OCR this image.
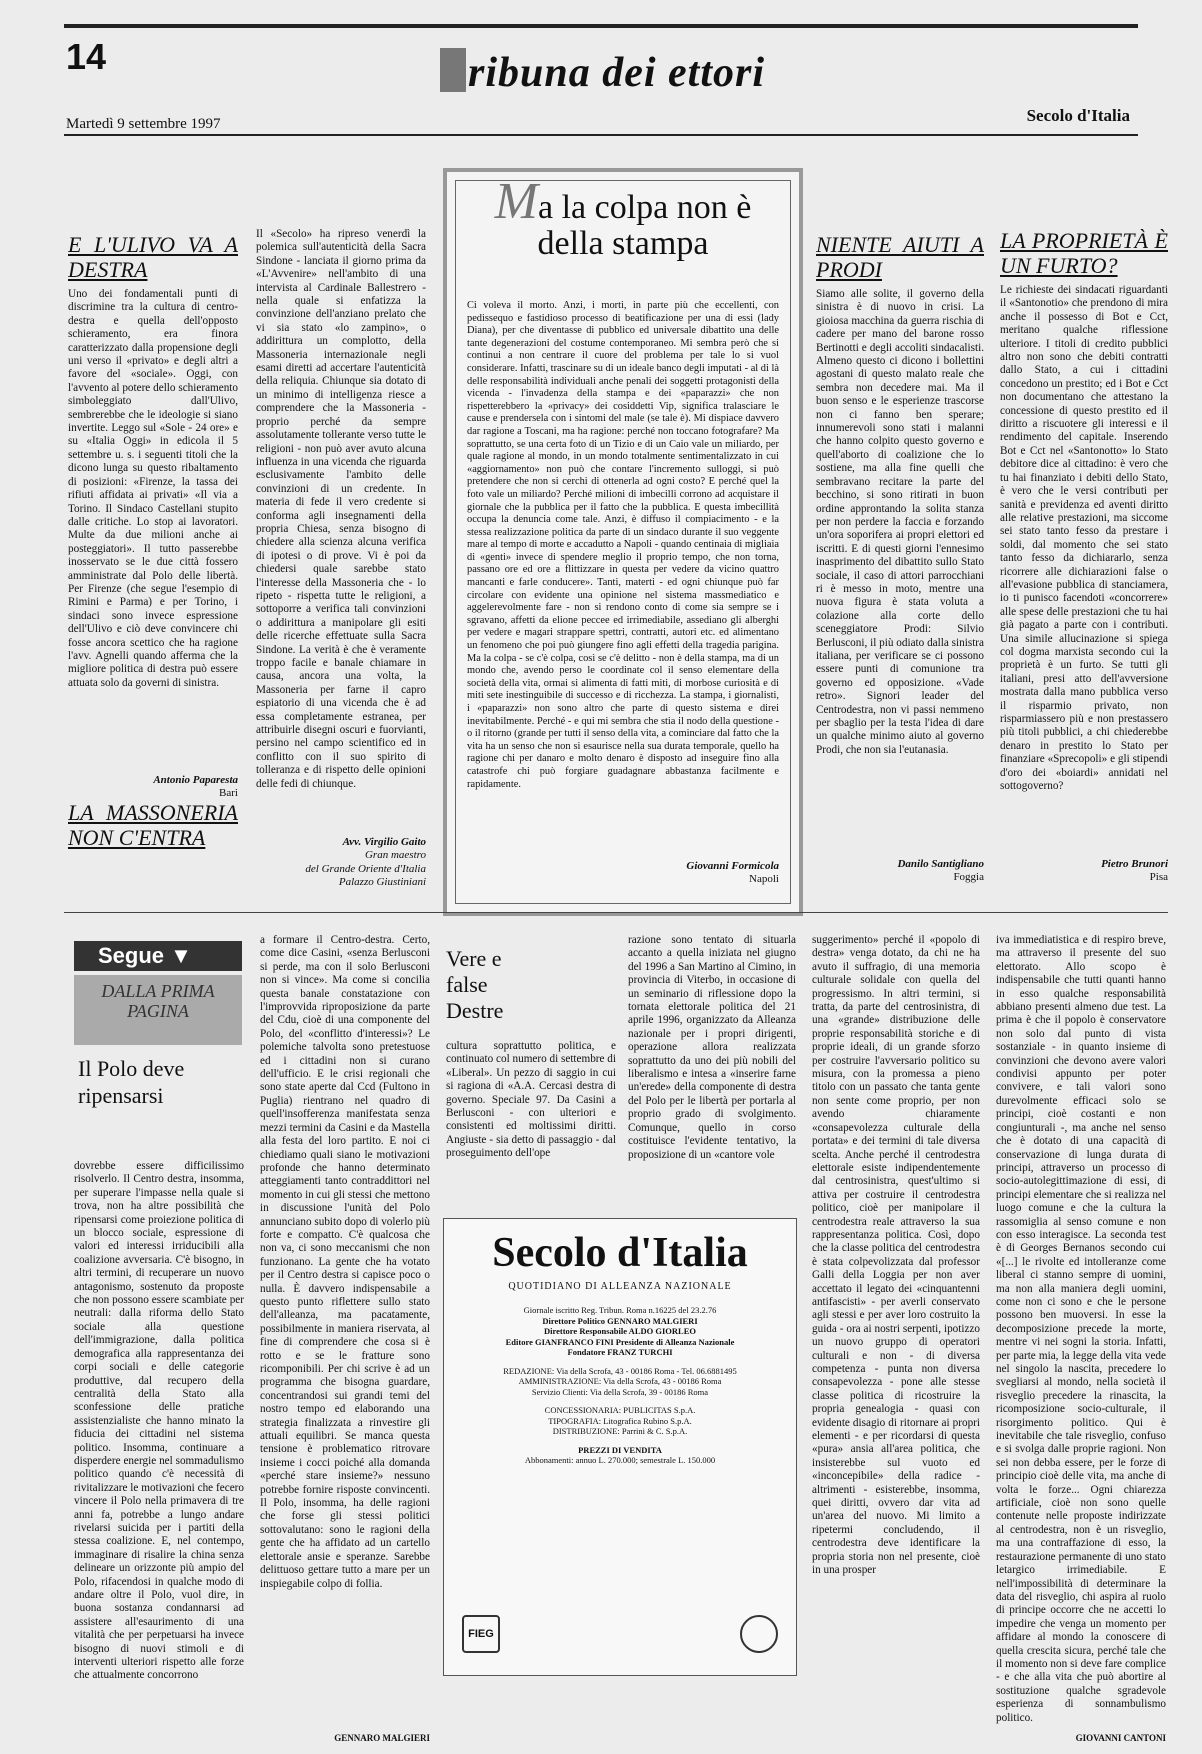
14	ribuna dei ettori
Martedì 9 settembre 1997	Secolo d'Italia
E L'ULIVO VA A DESTRA

Uno dei fondamentali punti di discrimine tra la cultura di centro-destra e quella dell'opposto schieramento, era finora caratterizzato dalla propensione degli uni verso il «privato» e degli altri a favore del «sociale». Oggi, con l'avvento al potere dello schieramento simboleggiato dall'Ulivo, sembrerebbe che le ideologie si siano invertite. Leggo sul «Sole - 24 ore» e su «Italia Oggi» in edicola il 5 settembre u. s. i seguenti titoli che la dicono lunga su questo ribaltamento di posizioni: «Firenze, la tassa dei rifiuti affidata ai privati» «Il via a Torino. Il Sindaco Castellani stupito dalle critiche. Lo stop ai lavoratori. Multe da due milioni anche ai posteggiatori». Il tutto passerebbe inosservato se le due città fossero amministrate dal Polo delle libertà. Per Firenze (che segue l'esempio di Rimini e Parma) e per Torino, i sindaci sono invece espressione dell'Ulivo e ciò deve convincere chi fosse ancora scettico che ha ragione l'avv. Agnelli quando afferma che la migliore politica di destra può essere attuata solo da governi di sinistra.

Antonio Paparesta
Bari
LA MASSONERIA NON C'ENTRA

Il «Secolo» ha ripreso venerdì la polemica sull'autenticità della Sacra Sindone - lanciata il giorno prima da «L'Avvenire» nell'ambito di una intervista al Cardinale Ballestrero - nella quale si enfatizza la convinzione dell'anziano prelato che vi sia stato «lo zampino», o addirittura un complotto, della Massoneria internazionale negli esami diretti ad accertare l'autenticità della reliquia. Chiunque sia dotato di un minimo di intelligenza riesce a comprendere che la Massoneria - proprio perché da sempre assolutamente tollerante verso tutte le religioni - non può aver avuto alcuna influenza in una vicenda che riguarda esclusivamente l'ambito delle convinzioni di un credente. In materia di fede il vero credente si conforma agli insegnamenti della propria Chiesa, senza bisogno di chiedere alla scienza alcuna verifica di ipotesi o di prove. Vi è poi da chiedersi quale sarebbe stato l'interesse della Massoneria che - lo ripeto - rispetta tutte le religioni, a sottoporre a verifica tali convinzioni o addirittura a manipolare gli esiti delle ricerche effettuate sulla Sacra Sindone. La verità è che è veramente troppo facile e banale chiamare in causa, ancora una volta, la Massoneria per farne il capro espiatorio di una vicenda che è ad essa completamente estranea, per attribuirle disegni oscuri e fuorvianti, persino nel campo scientifico ed in conflitto con il suo spirito di tolleranza e di rispetto delle opinioni delle fedi di chiunque.

Avv. Virgilio Gaito
Gran maestro
del Grande Oriente d'Italia
Palazzo Giustiniani
Ma la colpa non è della stampa
Ci voleva il morto. Anzi, i morti, in parte più che eccellenti, con pedissequo e fastidioso processo di beatificazione per una di essi (lady Diana), per che diventasse di pubblico ed universale dibattito una delle tante degenerazioni del costume contemporaneo. Mi sembra però che si continui a non centrare il cuore del problema per tale lo si vuol considerare. Infatti, trascinare su di un ideale banco degli imputati - al di là delle responsabilità individuali anche penali dei soggetti protagonisti della vicenda - l'invadenza della stampa e dei «paparazzi» che non rispetterebbero la «privacy» dei cosiddetti Vip, significa tralasciare le cause e prendersela con i sintomi del male (se tale è). Mi dispiace davvero dar ragione a Toscani, ma ha ragione: perché non toccano fotografare? Ma soprattutto, se una certa foto di un Tizio e di un Caio vale un miliardo, per quale ragione al mondo, in un mondo totalmente sentimentalizzato in cui «aggiornamento» non può che contare l'incremento sulloggi, si può pretendere che non si cerchi di ottenerla ad ogni costo? E perché quel la foto vale un miliardo? Perché milioni di imbecilli corrono ad acquistare il giornale che la pubblica per il fatto che la pubblica. E questa imbecillità occupa la denuncia come tale. Anzi, è diffuso il compiacimento - e la stessa realizzazione politica da parte di un sindaco durante il suo veggente mare al tempo di morte e accadutto a Napoli - quando centinaia di migliaia di «genti» invece di spendere meglio il proprio tempo, che non torna, passano ore ed ore a flittizzare in questa per vedere da vicino quattro mancanti e farle conducere». Tanti, materti - ed ogni chiunque può far circolare con evidente una opinione nel sistema massmediatico e aggelerevolmente fare - non si rendono conto di come sia sempre se i sgravano, affetti da elione peccee ed irrimediabile, assediano gli alberghi per vedere e magari strappare spettri, contratti, autori etc. ed alimentano un fenomeno che poi può giungere fino agli effetti della tragedia parigina. Ma la colpa - se c'è colpa, così se c'è delitto - non è della stampa, ma di un mondo che, avendo perso le coordinate col il senso elementare della società della vita, ormai si alimenta di fatti miti, di morbose curiosità e di miti sete inestinguibile di successo e di ricchezza. La stampa, i giornalisti, i «paparazzi» non sono altro che parte di questo sistema e direi inevitabilmente. Perché - e qui mi sembra che stia il nodo della questione - o il ritorno (grande per tutti il senso della vita, a cominciare dal fatto che la vita ha un senso che non si esaurisce nella sua durata temporale, quello ha ragione chi per danaro e molto denaro è disposto ad inseguire fino alla catastrofe chi può forgiare guadagnare abbastanza facilmente e rapidamente.
Giovanni Formicola
Napoli
NIENTE AIUTI A PRODI

Siamo alle solite, il governo della sinistra è di nuovo in crisi. La gioiosa macchina da guerra rischia di cadere per mano del barone rosso Bertinotti e degli accoliti sindacalisti. Almeno questo ci dicono i bollettini agostani di questo malato reale che sembra non decedere mai. Ma il buon senso e le esperienze trascorse non ci fanno ben sperare; innumerevoli sono stati i malanni che hanno colpito questo governo e quell'aborto di coalizione che lo sostiene, ma alla fine quelli che sembravano recitare la parte del becchino, si sono ritirati in buon ordine approntando la solita stanza per non perdere la faccia e forzando un'ora soporifera ai propri elettori ed iscritti. E di questi giorni l'ennesimo inasprimento del dibattito sullo Stato sociale, il caso di attori parrocchiani ri è messo in moto, mentre una nuova figura è stata voluta a colazione alla corte dello sceneggiatore Prodi: Silvio Berlusconi, il più odiato dalla sinistra italiana, per verificare se ci possono essere punti di comunione tra governo ed opposizione. «Vade retro». Signori leader del Centrodestra, non vi passi nemmeno per sbaglio per la testa l'idea di dare un qualche minimo aiuto al governo Prodi, che non sia l'eutanasia.

Danilo Santigliano
Foggia
LA PROPRIETÀ È UN FURTO?

Le richieste dei sindacati riguardanti il «Santonotio» che prendono di mira anche il possesso di Bot e Cct, meritano qualche riflessione ulteriore. I titoli di credito pubblici altro non sono che debiti contratti dallo Stato, a cui i cittadini concedono un prestito; ed i Bot e Cct non documentano che attestano la concessione di questo prestito ed il diritto a riscuotere gli interessi e il rendimento del capitale. Inserendo Bot e Cct nel «Santonotto» lo Stato debitore dice al cittadino: è vero che tu hai finanziato i debiti dello Stato, è vero che le versi contributi per sanità e previdenza ed aventi diritto alle relative prestazioni, ma siccome sei stato tanto fesso da prestare i soldi, dal momento che sei stato tanto fesso da dichiararlo, senza ricorrere alle dichiarazioni false o all'evasione pubblica di stanciamera, io ti punisco facendoti «concorrere» alle spese delle prestazioni che tu hai già pagato a parte con i contributi. Una simile allucinazione si spiega col dogma marxista secondo cui la proprietà è un furto. Se tutti gli italiani, presi atto dell'avversione mostrata dalla mano pubblica verso il risparmio privato, non risparmiassero più e non prestassero più titoli pubblici, a chi chiederebbe denaro in prestito lo Stato per finanziare «Sprecopoli» e gli stipendi d'oro dei «boiardi» annidati nel sottogoverno?

Pietro Brunori
Pisa
Segue ▼
DALLA PRIMA PAGINA
Il Polo deve ripensarsi
dovrebbe essere difficilissimo risolverlo. Il Centro destra, insomma, per superare l'impasse nella quale si trova, non ha altre possibilità che ripensarsi come proiezione politica di un blocco sociale, espressione di valori ed interessi irriducibili alla coalizione avversaria. C'è bisogno, in altri termini, di recuperare un nuovo antagonismo, sostenuto da proposte che non possono essere scambiate per neutrali: dalla riforma dello Stato sociale alla questione dell'immigrazione, dalla politica demografica alla rappresentanza dei corpi sociali e delle categorie produttive, dal recupero della centralità della Stato alla sconfessione delle pratiche assistenzialiste che hanno minato la fiducia dei cittadini nel sistema politico. Insomma, continuare a disperdere energie nel sommadulismo politico quando c'è necessità di rivitalizzare le motivazioni che fecero vincere il Polo nella primavera di tre anni fa, potrebbe a lungo andare rivelarsi suicida per i partiti della stessa coalizione. E, nel contempo, immaginare di risalire la china senza delineare un orizzonte più ampio del Polo, rifacendosi in qualche modo di andare oltre il Polo, vuol dire, in buona sostanza condannarsi ad assistere all'esaurimento di una vitalità che per perpetuarsi ha invece bisogno di nuovi stimoli e di interventi ulteriori rispetto alle forze che attualmente concorrono
a formare il Centro-destra. Certo, come dice Casini, «senza Berlusconi si perde, ma con il solo Berlusconi non si vince». Ma come si concilia questa banale constatazione con l'improvvida riproposizione da parte del Cdu, cioè di una componente del Polo, del «conflitto d'interessi»? Le polemiche talvolta sono pretestuose ed i cittadini non si curano dell'ufficio. E le crisi regionali che sono state aperte dal Ccd (Fultono in Puglia) rientrano nel quadro di quell'insofferenza manifestata senza mezzi termini da Casini e da Mastella alla festa del loro partito. E noi ci chiediamo quali siano le motivazioni profonde che hanno determinato atteggiamenti tanto contraddittori nel momento in cui gli stessi che mettono in discussione l'unità del Polo annunciano subito dopo di volerlo più forte e compatto. C'è qualcosa che non va, ci sono meccanismi che non funzionano. La gente che ha votato per il Centro destra si capisce poco o nulla. È davvero indispensabile a questo punto riflettere sullo stato dell'alleanza, ma pacatamente, possibilmente in maniera riservata, al fine di comprendere che cosa si è rotto e se le fratture sono ricomponibili. Per chi scrive è ad un programma che bisogna guardare, concentrandosi sui grandi temi del nostro tempo ed elaborando una strategia finalizzata a rinvestire gli attuali equilibri. Se manca questa tensione è problematico ritrovare insieme i cocci poiché alla domanda «perché stare insieme?» nessuno potrebbe fornire risposte convincenti. Il Polo, insomma, ha delle ragioni che forse gli stessi politici sottovalutano: sono le ragioni della gente che ha affidato ad un cartello elettorale ansie e speranze. Sarebbe delittuoso gettare tutto a mare per un inspiegabile colpo di follia.
GENNARO MALGIERI
Vere e false Destre
cultura soprattutto politica, e continuato col numero di settembre di «Liberal». Un pezzo di saggio in cui si ragiona di «A.A. Cercasi destra di governo. Speciale 97. Da Casini a Berlusconi - con ulteriori e consistenti ed moltissimi diritti. Angiuste - sia detto di passaggio - dal proseguimento dell'ope
razione sono tentato di situarla accanto a quella iniziata nel giugno del 1996 a San Martino al Cimino, in provincia di Viterbo, in occasione di un seminario di riflessione dopo la tornata elettorale politica del 21 aprile 1996, organizzato da Alleanza nazionale per i propri dirigenti, operazione allora realizzata soprattutto da uno dei più nobili del liberalismo e intesa a «inserire farne un'erede» della componente di destra del Polo per le libertà per portarla al proprio grado di svolgimento. Comunque, quello in corso costituisce l'evidente tentativo, la proposizione di un «cantore vole
Secolo d'Italia
QUOTIDIANO DI ALLEANZA NAZIONALE
Giornale iscritto Reg. Tribun. Roma n.16225 del 23.2.76
Direttore Politico GENNARO MALGIERI
Direttore Responsabile ALDO GIORLEO
Editore GIANFRANCO FINI Presidente di Alleanza Nazionale
Fondatore FRANZ TURCHI
REDAZIONE: Via della Scrofa, 43 - 00186 Roma - Tel. 06.6881495
AMMINISTRAZIONE: Via della Scrofa, 43 - 00186 Roma
Servizio Clienti: Via della Scrofa, 39 - 00186 Roma
CONCESSIONARIA: PUBLICITAS S.p.A.
TIPOGRAFIA: Litografica Rubino S.p.A.
DISTRIBUZIONE: Parrini & C. S.p.A.
PREZZI DI VENDITA
Abbonamenti: annuo L. 270.000; semestrale L. 150.000
FIEG
suggerimento» perché il «popolo di destra» venga dotato, da chi ne ha avuto il suffragio, di una memoria culturale solidale con quella del progressismo. In altri termini, si tratta, da parte del centrosinistra, di una «grande» distribuzione delle proprie responsabilità storiche e di proprie ideali, di un grande sforzo per costruire l'avversario politico su misura, con la promessa a pieno titolo con un passato che tanta gente non sente come proprio, per non avendo chiaramente «consapevolezza culturale della portata» e dei termini di tale diversa scelta. Anche perché il centrodestra elettorale esiste indipendentemente dal centrosinistra, quest'ultimo si attiva per costruire il centrodestra politico, cioè per manipolare il centrodestra reale attraverso la sua rappresentanza politica. Così, dopo che la classe politica del centrodestra è stata colpevolizzata dal professor Galli della Loggia per non aver accettato il legato dei «cinquantenni antifascisti» - per averli conservato agli stessi e per aver loro costruito la guida - ora ai nostri serpenti, ipotizzo un nuovo gruppo di operatori culturali e non - di diversa competenza - punta non diversa consapevolezza - pone alle stesse classe politica di ricostruire la propria genealogia - quasi con evidente disagio di ritornare ai propri elementi - e per ricordarsi di questa «pura» ansia all'area politica, che insisterebbe sul vuoto ed «inconcepibile» della radice - altrimenti - esisterebbe, insomma, quei diritti, ovvero dar vita ad un'area del nuovo. Mi limito a ripetermi concludendo, il centrodestra deve identificare la propria storia non nel presente, cioè in una prosper
iva immediatistica e di respiro breve, ma attraverso il presente del suo elettorato. Allo scopo è indispensabile che tutti quanti hanno in esso qualche responsabilità abbiano presenti almeno due test. La prima è che il popolo è conservatore non solo dal punto di vista sostanziale - in quanto insieme di convinzioni che devono avere valori condivisi appunto per poter convivere, e tali valori sono durevolmente efficaci solo se principi, cioè costanti e non congiunturali -, ma anche nel senso che è dotato di una capacità di conservazione di lunga durata di principi, attraverso un processo di socio-autolegittimazione di essi, di principi elementare che si realizza nel luogo comune e che la cultura la rassomiglia al senso comune e non con esso interagisce. La seconda test è di Georges Bernanos secondo cui «[...] le rivolte ed intolleranze come liberal ci stanno sempre di uomini, ma non alla maniera degli uomini, come non ci sono e che le persone possono ben muoversi. In esse la decomposizione precede la morte, mentre vi nei sogni la storia. Infatti, per parte mia, la legge della vita vede nel singolo la nascita, precedere lo svegliarsi al mondo, nella società il risveglio precedere la rinascita, la ricomposizione socio-culturale, il risorgimento politico. Qui è inevitabile che tale risveglio, confuso e si svolga dalle proprie ragioni. Non sei non debba essere, per le forze di principio cioè delle vita, ma anche di volta le forze... Ogni chiarezza artificiale, cioè non sono quelle contenute nelle proposte indirizzate al centrodestra, non è un risveglio, ma una contraffazione di esso, la restaurazione permanente di uno stato letargico irrimediabile. E nell'impossibilità di determinare la data del risveglio, chi aspira al ruolo di principe occorre che ne accetti lo impedire che venga un momento per affidare al mondo la conoscere di quella crescita sicura, perché tale che il momento non si deve fare complice - e che alla vita che può abortire al sostituzione qualche sgradevole esperienza di sonnambulismo politico.
GIOVANNI CANTONI
